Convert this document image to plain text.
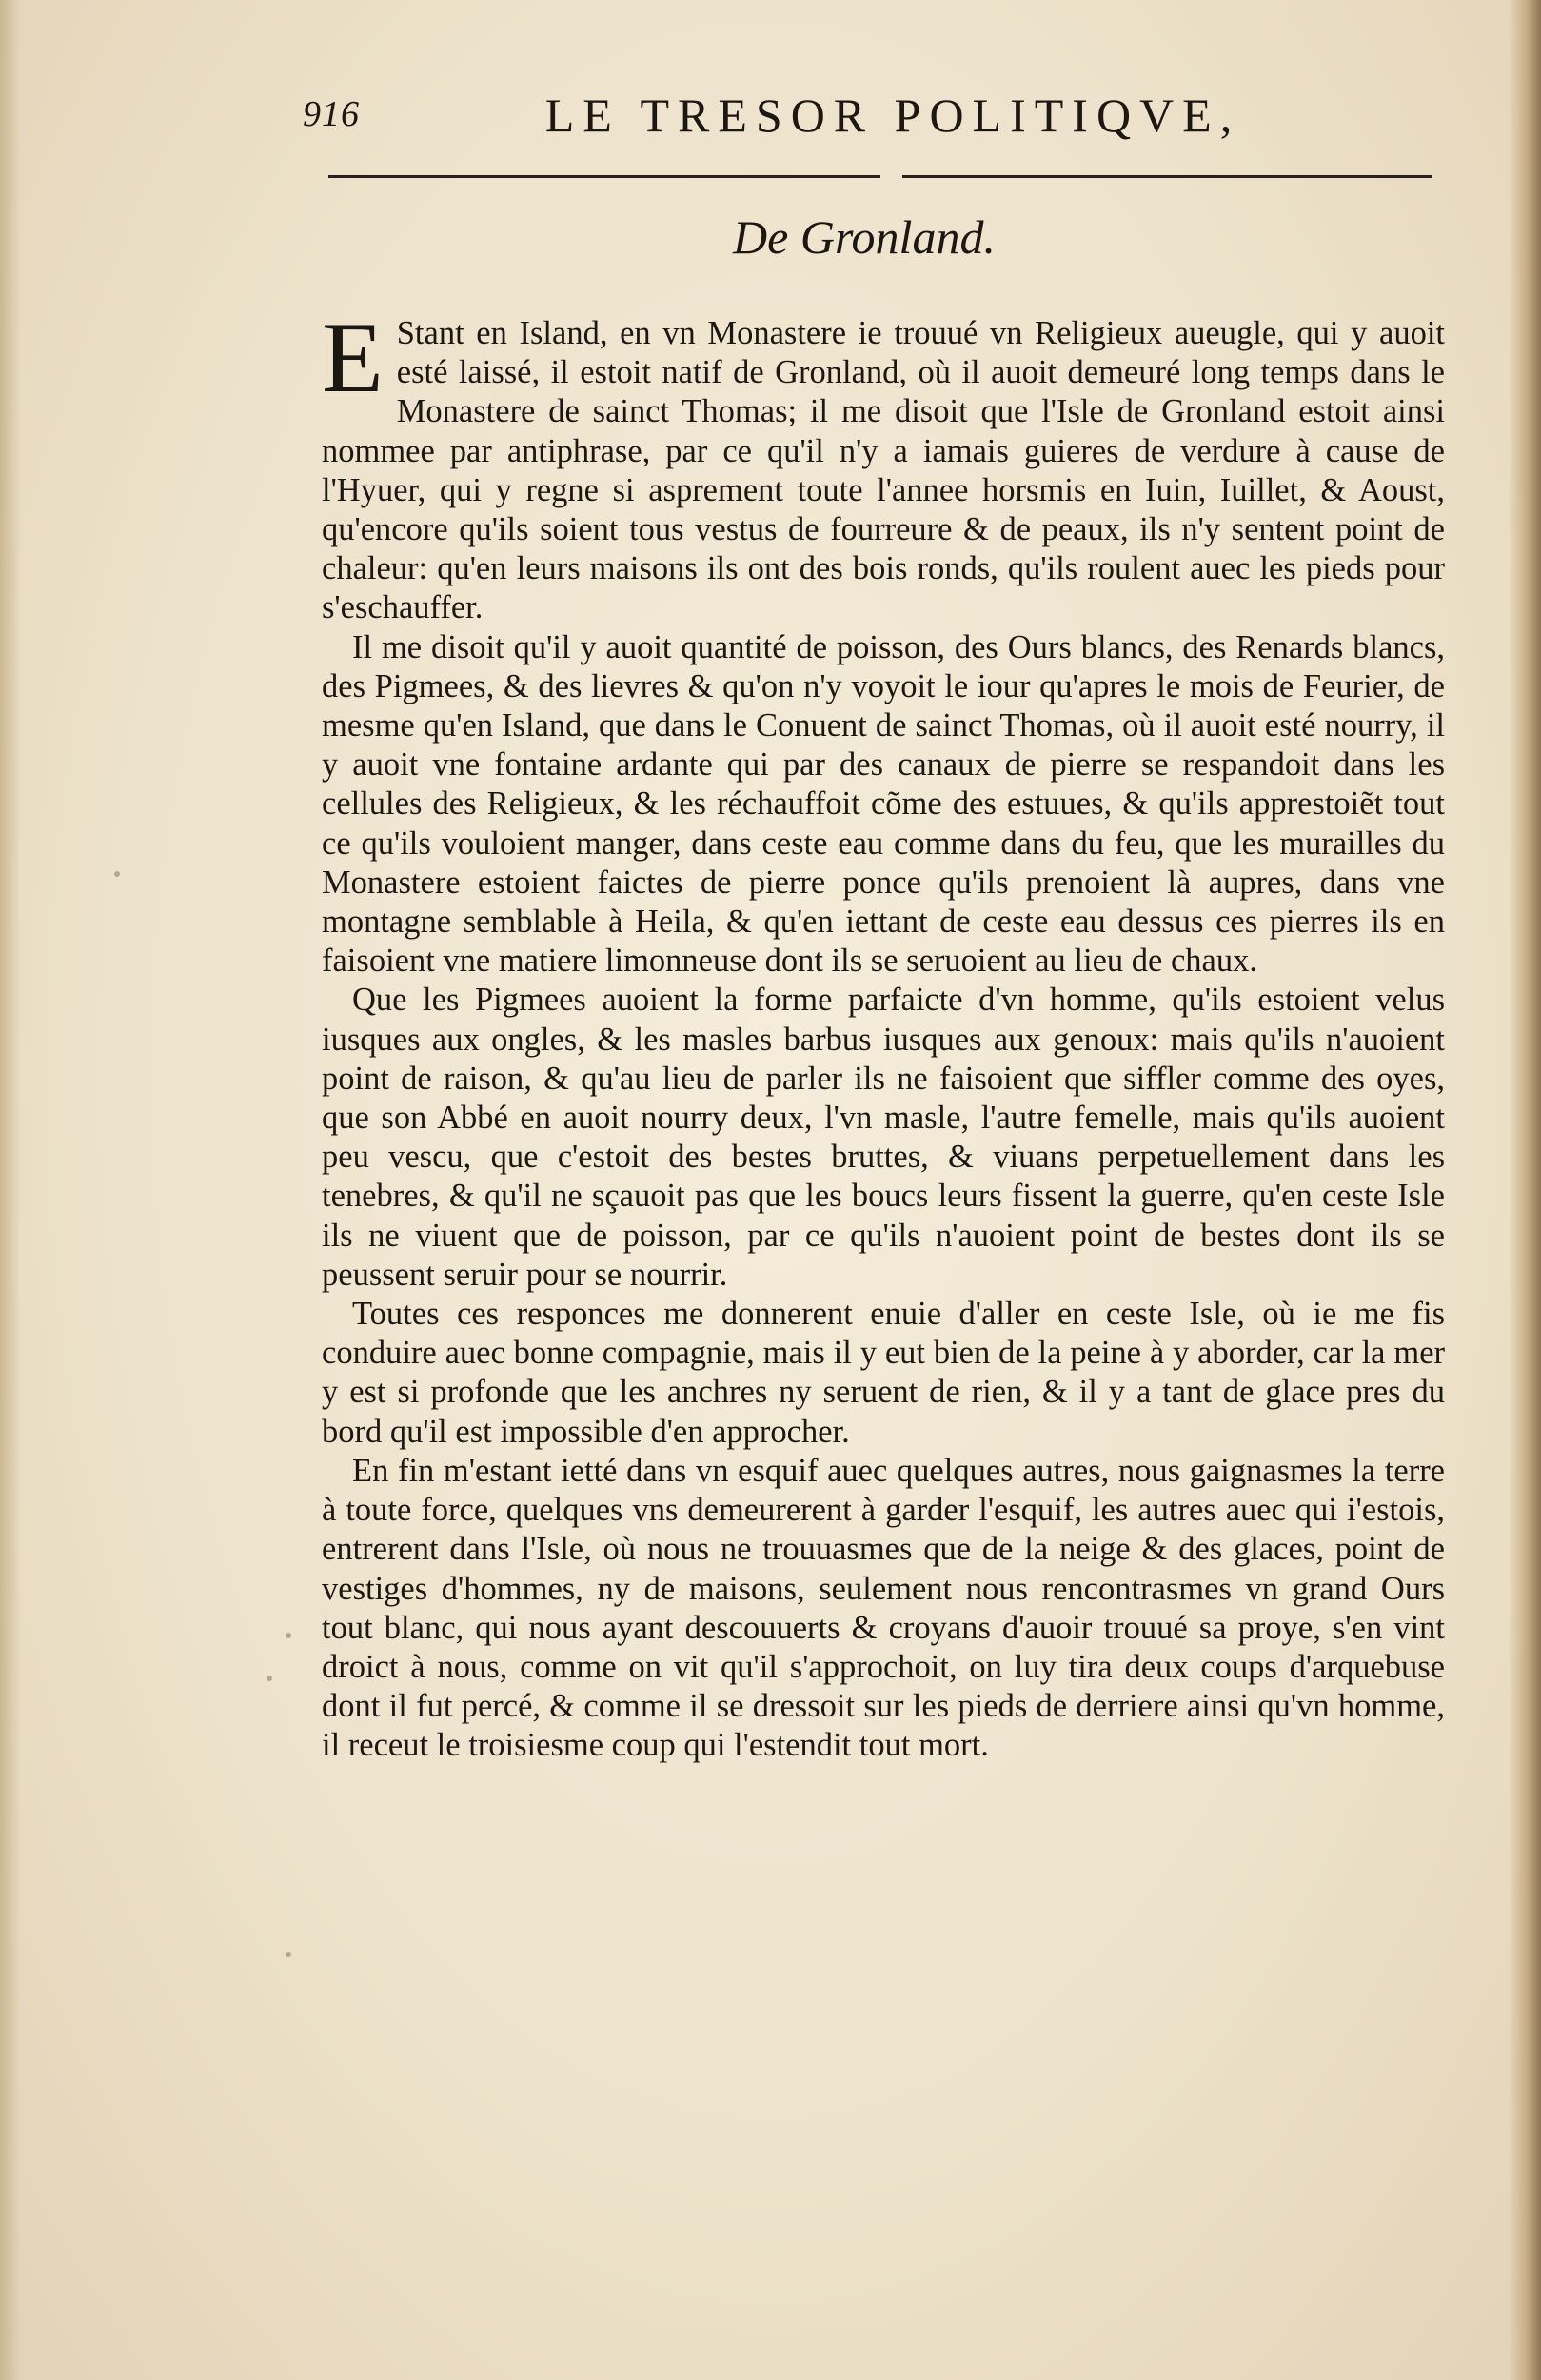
916	LE TRESOR POLITIQVE,
De Gronland.

E Stant en Island, en vn Monastere ie trouué vn Religieux aueugle, qui y auoit esté laissé, il estoit natif de Gronland, où il auoit demeuré long temps dans le Monastere de sainct Thomas; il me disoit que l'Isle de Gronland estoit ainsi nommee par antiphrase, par ce qu'il n'y a iamais guieres de verdure à cause de l'Hyuer, qui y regne si asprement toute l'annee horsmis en Iuin, Iuillet, & Aoust, qu'encore qu'ils soient tous vestus de fourreure & de peaux, ils n'y sentent point de chaleur: qu'en leurs maisons ils ont des bois ronds, qu'ils roulent auec les pieds pour s'eschauffer.

Il me disoit qu'il y auoit quantité de poisson, des Ours blancs, des Renards blancs, des Pigmees, & des lievres & qu'on n'y voyoit le iour qu'apres le mois de Feurier, de mesme qu'en Island, que dans le Conuent de sainct Thomas, où il auoit esté nourry, il y auoit vne fontaine ardante qui par des canaux de pierre se respandoit dans les cellules des Religieux, & les réchauffoit cõme des estuues, & qu'ils apprestoiẽt tout ce qu'ils vouloient manger, dans ceste eau comme dans du feu, que les murailles du Monastere estoient faictes de pierre ponce qu'ils prenoient là aupres, dans vne montagne semblable à Heila, & qu'en iettant de ceste eau dessus ces pierres ils en faisoient vne matiere limonneuse dont ils se seruoient au lieu de chaux.

Que les Pigmees auoient la forme parfaicte d'vn homme, qu'ils estoient velus iusques aux ongles, & les masles barbus iusques aux genoux: mais qu'ils n'auoient point de raison, & qu'au lieu de parler ils ne faisoient que siffler comme des oyes, que son Abbé en auoit nourry deux, l'vn masle, l'autre femelle, mais qu'ils auoient peu vescu, que c'estoit des bestes bruttes, & viuans perpetuellement dans les tenebres, & qu'il ne sçauoit pas que les boucs leurs fissent la guerre, qu'en ceste Isle ils ne viuent que de poisson, par ce qu'ils n'auoient point de bestes dont ils se peussent seruir pour se nourrir.

Toutes ces responces me donnerent enuie d'aller en ceste Isle, où ie me fis conduire auec bonne compagnie, mais il y eut bien de la peine à y aborder, car la mer y est si profonde que les anchres ny seruent de rien, & il y a tant de glace pres du bord qu'il est impossible d'en approcher.

En fin m'estant ietté dans vn esquif auec quelques autres, nous gaignasmes la terre à toute force, quelques vns demeurerent à garder l'esquif, les autres auec qui i'estois, entrerent dans l'Isle, où nous ne trouuasmes que de la neige & des glaces, point de vestiges d'hommes, ny de maisons, seulement nous rencontrasmes vn grand Ours tout blanc, qui nous ayant descouuerts & croyans d'auoir trouué sa proye, s'en vint droict à nous, comme on vit qu'il s'approchoit, on luy tira deux coups d'arquebuse dont il fut percé, & comme il se dressoit sur les pieds de derriere ainsi qu'vn homme, il receut le troisiesme coup qui l'estendit tout mort.
